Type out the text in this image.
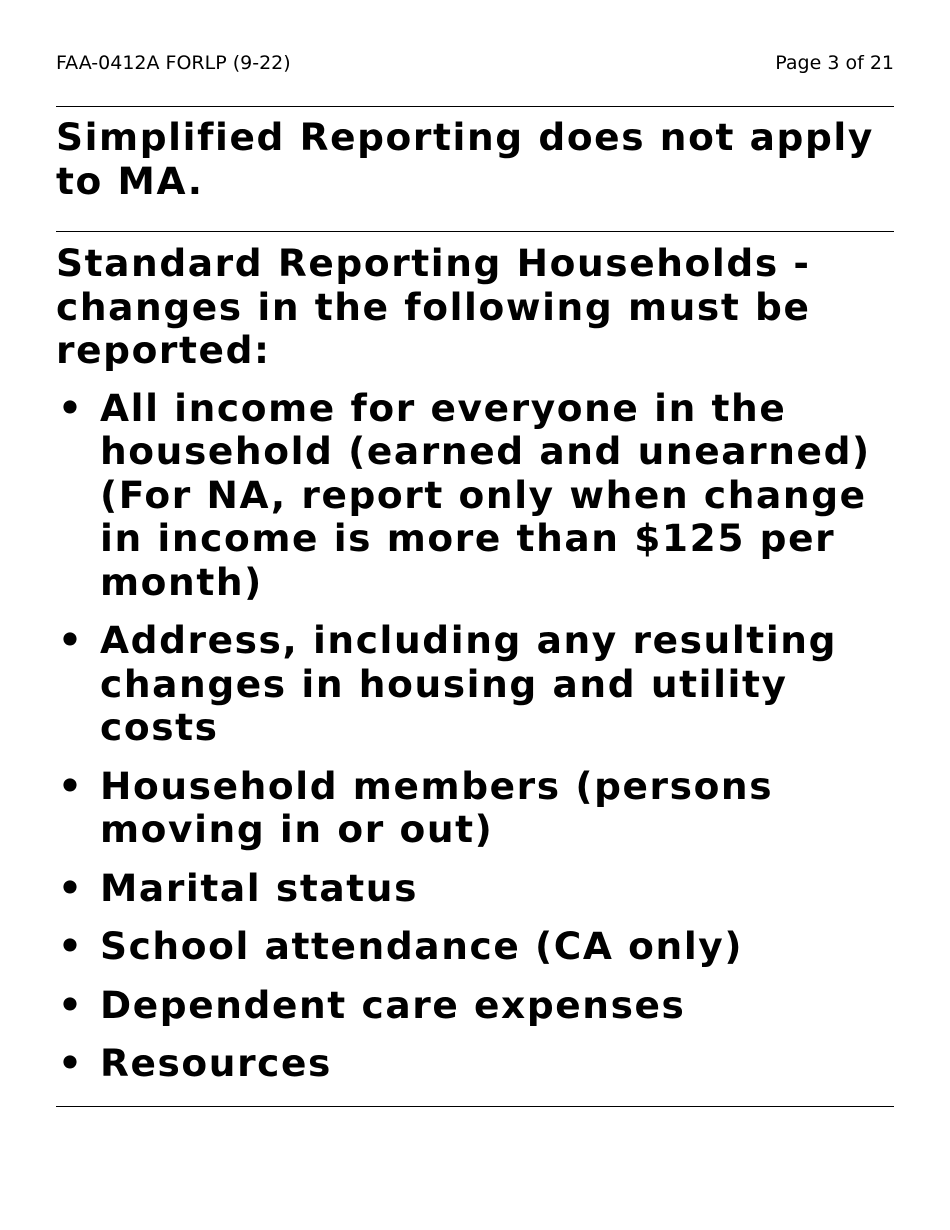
FAA-0412A FORLP (9-22)	Page 3 of 21
Simplified Reporting does not apply to MA.
Standard Reporting Households - changes in the following must be reported:
• All income for everyone in the household (earned and unearned) (For NA, report only when change in income is more than $125 per month)
• Address, including any resulting changes in housing and utility costs
• Household members (persons moving in or out)
• Marital status
• School attendance (CA only)
• Dependent care expenses
• Resources
